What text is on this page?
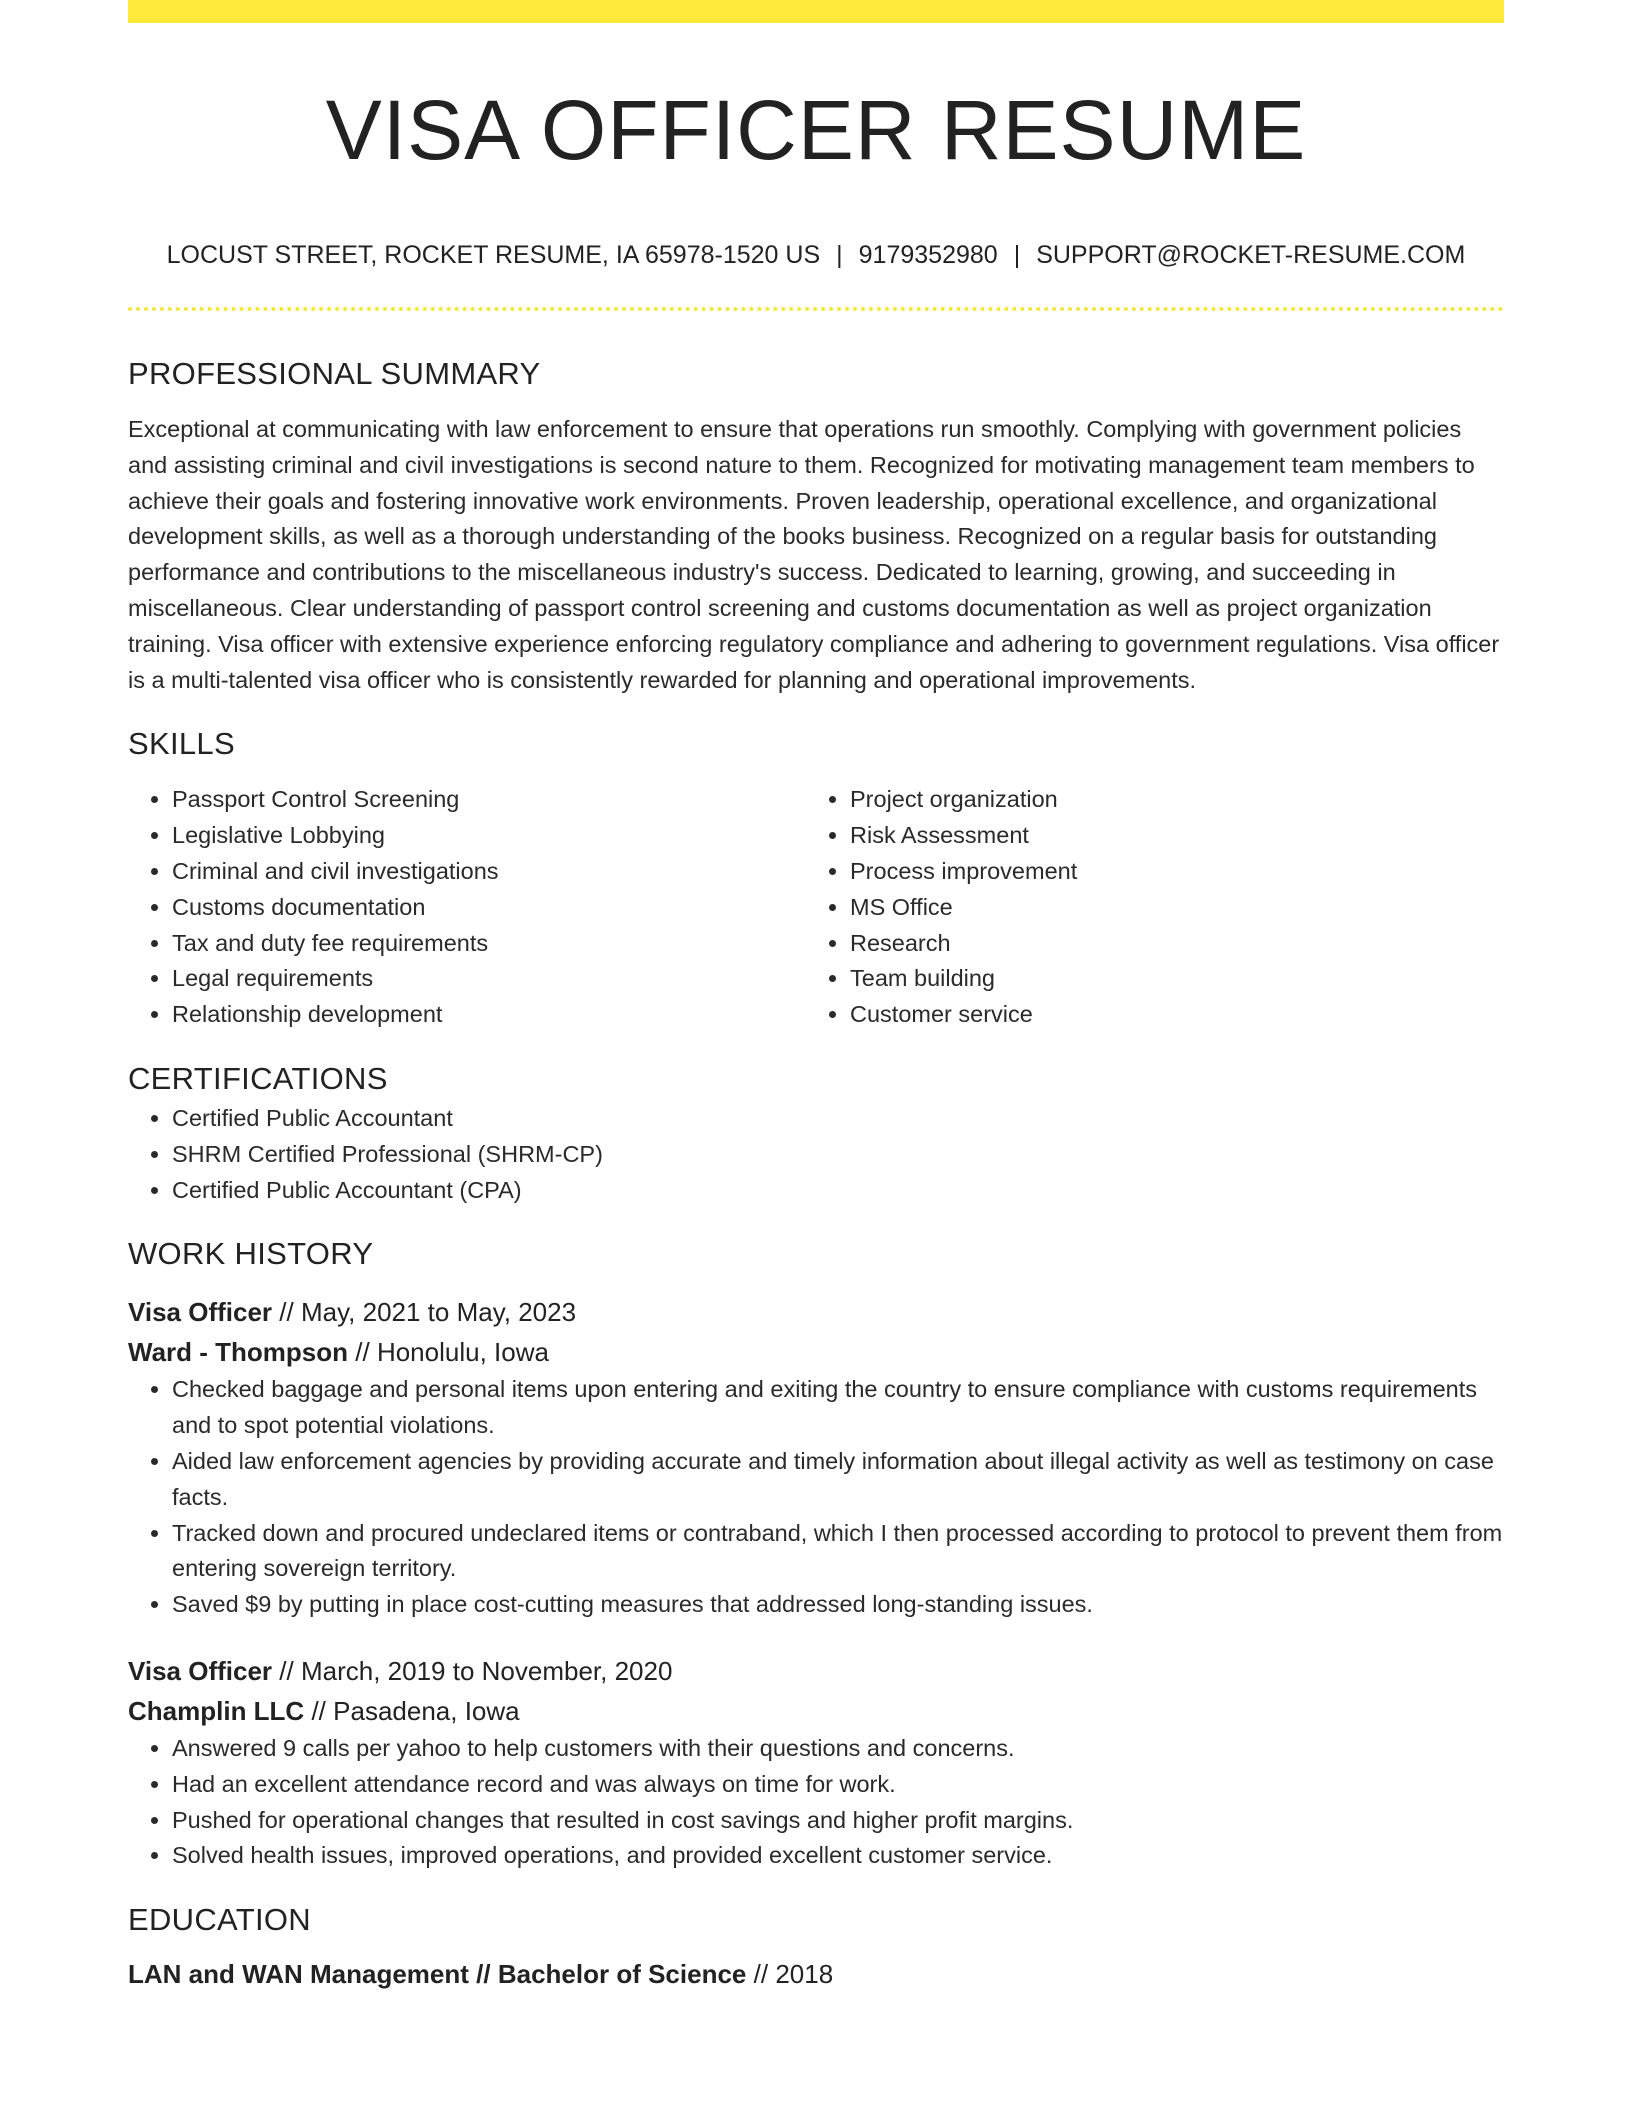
VISA OFFICER RESUME
LOCUST STREET, ROCKET RESUME, IA 65978-1520 US | 9179352980 | SUPPORT@ROCKET-RESUME.COM
PROFESSIONAL SUMMARY

Exceptional at communicating with law enforcement to ensure that operations run smoothly. Complying with government policies and assisting criminal and civil investigations is second nature to them. Recognized for motivating management team members to achieve their goals and fostering innovative work environments. Proven leadership, operational excellence, and organizational development skills, as well as a thorough understanding of the books business. Recognized on a regular basis for outstanding performance and contributions to the miscellaneous industry's success. Dedicated to learning, growing, and succeeding in miscellaneous. Clear understanding of passport control screening and customs documentation as well as project organization training. Visa officer with extensive experience enforcing regulatory compliance and adhering to government regulations. Visa officer is a multi-talented visa officer who is consistently rewarded for planning and operational improvements.

SKILLS
• Passport Control Screening
• Legislative Lobbying
• Criminal and civil investigations
• Customs documentation
• Tax and duty fee requirements
• Legal requirements
• Relationship development
• Project organization
• Risk Assessment
• Process improvement
• MS Office
• Research
• Team building
• Customer service
CERTIFICATIONS
• Certified Public Accountant
• SHRM Certified Professional (SHRM-CP)
• Certified Public Accountant (CPA)
WORK HISTORY
Visa Officer // May, 2021 to May, 2023
Ward - Thompson // Honolulu, Iowa
• Checked baggage and personal items upon entering and exiting the country to ensure compliance with customs requirements and to spot potential violations.
• Aided law enforcement agencies by providing accurate and timely information about illegal activity as well as testimony on case facts.
• Tracked down and procured undeclared items or contraband, which I then processed according to protocol to prevent them from entering sovereign territory.
• Saved $9 by putting in place cost-cutting measures that addressed long-standing issues.
Visa Officer // March, 2019 to November, 2020
Champlin LLC // Pasadena, Iowa
• Answered 9 calls per yahoo to help customers with their questions and concerns.
• Had an excellent attendance record and was always on time for work.
• Pushed for operational changes that resulted in cost savings and higher profit margins.
• Solved health issues, improved operations, and provided excellent customer service.
EDUCATION
LAN and WAN Management // Bachelor of Science // 2018
